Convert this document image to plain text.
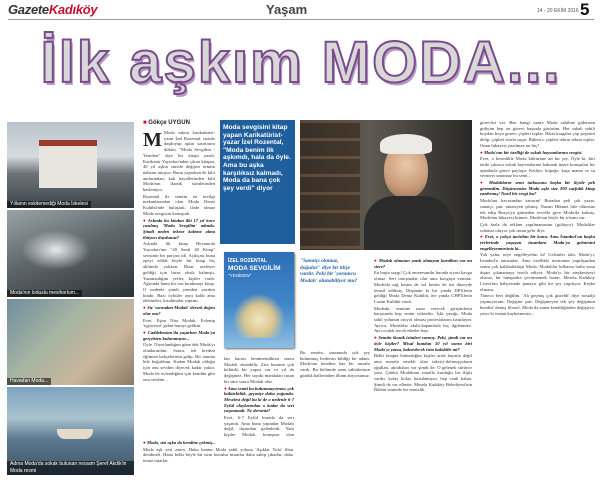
GazeteKadıköy	Yaşam	14 - 20 EKİM 2016 5
İlk aşkım MODA...
Yıllanın eskitemediği Moda İskelesi
Moda'nın loduslu mesihorlum...
Havadan Moda...
Adına Moda'da sokak bulunan ressam Şeref Akdik'in Moda resmi
■ Gökçe UYGUN

M Moda sakini karikatürist-yazar İzel Rozental, sizinle daşdoyup aşkın satırlarını dökttü. "Moda Sevgilim - Yeniden" diye bir kitapı yazdı. Karikatür Yayınları'ndan çıkan kitapta, 40 yıl aşkın sürede değişen semtin nabzını tutuyor. Bunu yaparken de kilit anılarından, kalı hayallerinden kilit Moda'nın ikonik isimlerinden besleniyor.

Rozental ile semtin en sevilgi mekanlarından olan Moda Deniz Kulübü'nde buluştuk, ifade olmaz Moda sevgisini konuştuk.

● Aslında bu kitabın ilki 17 yıl önce yazılmış 'Moda Sevgilim' adında. Şimdi neden tekrar kaleme alma ihtiyacı duydunuz?

Aslında ilk kitap Heyamola Yayınları'nın "40 Senti 40 Kitap" serisinin bir parçası idi. Açıkçası buna epeyi edildi böyle bir kitap hiç aklımda yokken. Bizar aceleyer geldiği için biraz eksik kalmıştı. Yazamadığım yerler, kişiler vardı. Ağırında bunu bir tarı bırakmayı kitap. O nedenle şimdi yeniden yazılım kitabı. Bazı öyküler aynı kaldı ama eklemeler, kısaltmalar yaptım.

● Siz 'sonradan Modalı' dersek doğru olur mu?

Evet. Eşim Nita Modalı. Evlenip 'içgüveysi' gelen burayı geldim.

● Caddebostan'da yaşarken Moda'ya gerçekten bulunmuyor...

Öyle. Niyetlandığım güne dek Moda'yı olanlarındım. Sonra, tek kredim eğitmen bahçelerinin galip. Bir tanıma bile boğuldum. Kadan Modalı olduğu için onu sevdim diyecek kadar yakın. Moda ile evlendiğimi için kendim gibi onu sevdim...

● Moda, sizi aşka da kendine çekmiş...

Moda aşk yeri zaten. Hatta benim Moda sahil yoluna 'Aşıklar Yolu' filan denilmeli. Hatta belki böyle bir isim konulsa insanlar daha sahip çıkarlar, daha temiz tutarlar.

Moda sevgisini kitap yapan Karikatürist-yazar İzel Rozental, "Moda benim ilk aşkımdı, hala da öyle. Ama bu aşka karşılıksız kalmadı, Moda da bana çok şey verdi" diyor
İZEL ROZENTAL
MODA SEVGİLİM
"YENİDEN"

lan burası beninsendikten sonra Modalı olunabilir. Zira buranın çok kültürlü bir yapısı var ve yıl da değişmez. Her sayaki mandaları insan bir süre sonra Modalı olur.

● Ama semti bu bulunmuyorum; çok kültürlülük, geçmişe daha yoğunda. Meselesi değil bu ki de o nedenle 6-7 Eylül olaylarından o kadar da sert yaşanmadı. Ne dersiniz?

Evet, 6-7 Eylül burada da sert yaşandı. Ama bunu yapanlar Modalı değil, dışarıdan gelenlerdi. Yani kişiler Modalı, komşusu olan

"Sanatçı olamaz, doğulur" diye bir klişe vardır. Peki bir 'yorumcu Modalı' olunabiliyor mu?

Bu semtin, insanında çok şey bulunmuş herkesin bildiği bir adam. Moda'nın kendine has bir mizahı vardı. Bu bölümde semt sakinlerinin günlük hallerinden ilham alıyorsunuz.

● Modalı olmanın yazılı olmayan kuralları var mı sizce?

En başta saygı! Çok enteresandır burada siyasi kavga olmaz. Sert tartışmalar olur ama kavgaya varmaz. Moda'da sağ kesim de sol kesim de üst düzeyde temsil edilmiş. Düşünün ki bir yanda DP'lilerin geldiği Moda Deniz Kulübü, öte yanda CHP'lilerin Lozan Kulübü vardı.

Modada, semtine zarar verecek girişimlerin karşısında hep sesini yükseltir. İçki yasağı, Moda sahil yolunun otoyol olması protestolarını hatırlayın. Ayrıca, Modalılar akıllı-kapanlarla hiç ilgilenmez. Ayrı ocaklı tercih ederler hep.

● Semtin ikonik isimleri varmış. Peki, şimdi var mı öyle kişiler? Misal bundan 50 yıl sonra biri Moda'yı yazsa, bahsedecek isim bulabilir mi?

Belki kitapta bahsettiğim kişiler artık hayatta değil ama mesela emekli olan taksici-dolmuşçuların oğulları, akrabaları var şimdi de. O gelenek sürüyor yani. Çünkü Modalının esnafla kurduğu bir ilişki vardır, kolay kolay bozulamıyor, hep canlı kalan. Şimdi de var elbette. Mesela Kadıköy Belediyesi'nin Bülent isminde bir temizlik

görevlisi var. Ben hangi saatte Moda sahiline gidersem gidiyim hep on görevi başında görürüm. Her sabah sahili boydan boya gezen, çöpleri toplar. Hatta kargalar çöp poşetini delip, çöpleri etrafa saçar. Bülent o çöpleri tekrar tekrar toplar. Onun hikayesi yazılmaz mı hiç?

● Moda'nın bir özelliği de sokak hayvanlarına sevgisi.

Evet, o kesinlikle Moda kültürüne ait bir şey. Öyle ki, biri tatile çıkınca sokak hayvanlarına bakmak üzere komşuları bir ajandayla görev paylaşır. Kediye, köpeğe, kuşa mama ve su vermeyi unutmaz bu semt...

● Modalıların semt tutkusuna başka bir ilçede pek görmedim. Düşünsenize Moda aşkı size 200 sayfalık kitap yazdırmış! Nasıl bir sevgi bu?

Moda'nın havasından sanırım! Buradan pek çok yazar, sanatçı, şair, müzisyen çıkmış. Nazım Hikmet bile ölümsüz tek edip Rusya'ya gitmeden evvelki gece Moda'da kalmış. Moda'nın hikayesi bitmez. Moda'nın böyle bir tılsımı var.

Çok fazla da reklam yapılmamasını (gülüyor). Modalılar rahatsız oluyor çok insan gelir diye.

● Evet, o çokça turistlan bir konu. Ama İstanbul'un başka yerlerinde yaşayan insanlara Moda'ya gelmesini engelleyemezsiniz ki...

Yok yahu, niye engelleyelim ki! Gelsinler tabi, Moda'yı, İstanbul'u tanısınlar. Ama özellikle metronun yapılışından sonra çok kalabalıklaştı Moda. Modalılar bilhassa hafta sonu dışarı çıkmamaya tercih ediyor. Moda'yı bir ateşkesiyeyi alsınız, bir lunaparka çevirmemek lazım. Mesela Kadıköy Lisesi'nin bahçesinde panayır gibi bir şey yapılıyor. Keşke olmasa.

Tüneco beri değilim. 'Ah geçmiş çok güzeldi' diye nostalji yapmıyorum. Değişim şart. Değişmeyen tek şey değişimin kendisi' demiş filozof. Moda da zaten kendiliğinden değişiyor, yeter ki özünü kaybetmesin...
